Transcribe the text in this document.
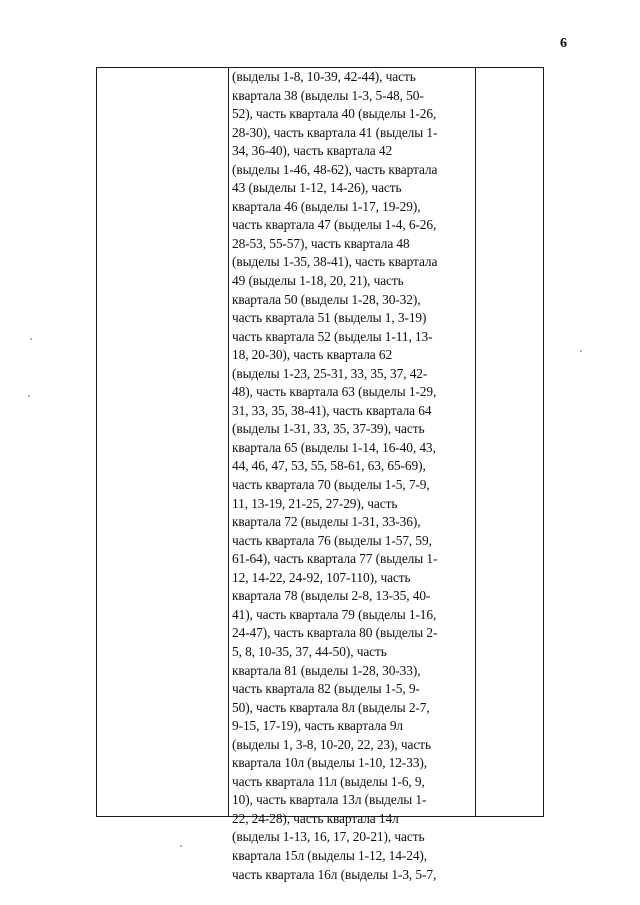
6
(выделы 1-8, 10-39, 42-44), часть
квартала 38 (выделы 1-3, 5-48, 50-
52), часть квартала 40 (выделы 1-26,
28-30), часть квартала 41 (выделы 1-
34, 36-40), часть квартала 42
(выделы 1-46, 48-62), часть квартала
43 (выделы 1-12, 14-26), часть
квартала 46 (выделы 1-17, 19-29),
часть квартала 47 (выделы 1-4, 6-26,
28-53, 55-57), часть квартала 48
(выделы 1-35, 38-41), часть квартала
49 (выделы 1-18, 20, 21), часть
квартала 50 (выделы 1-28, 30-32),
часть квартала 51 (выделы 1, 3-19)
часть квартала 52 (выделы 1-11, 13-
18, 20-30), часть квартала 62
(выделы 1-23, 25-31, 33, 35, 37, 42-
48), часть квартала 63 (выделы 1-29,
31, 33, 35, 38-41), часть квартала 64
(выделы 1-31, 33, 35, 37-39), часть
квартала 65 (выделы 1-14, 16-40, 43,
44, 46, 47, 53, 55, 58-61, 63, 65-69),
часть квартала 70 (выделы 1-5, 7-9,
11, 13-19, 21-25, 27-29), часть
квартала 72 (выделы 1-31, 33-36),
часть квартала 76 (выделы 1-57, 59,
61-64), часть квартала 77 (выделы 1-
12, 14-22, 24-92, 107-110), часть
квартала 78 (выделы 2-8, 13-35, 40-
41), часть квартала 79 (выделы 1-16,
24-47), часть квартала 80 (выделы 2-
5, 8, 10-35, 37, 44-50), часть
квартала 81 (выделы 1-28, 30-33),
часть квартала 82 (выделы 1-5, 9-
50), часть квартала 8л (выделы 2-7,
9-15, 17-19), часть квартала 9л
(выделы 1, 3-8, 10-20, 22, 23), часть
квартала 10л (выделы 1-10, 12-33),
часть квартала 11л (выделы 1-6, 9,
10), часть квартала 13л (выделы 1-
22, 24-28), часть квартала 14л
(выделы 1-13, 16, 17, 20-21), часть
квартала 15л (выделы 1-12, 14-24),
часть квартала 16л (выделы 1-3, 5-7,
